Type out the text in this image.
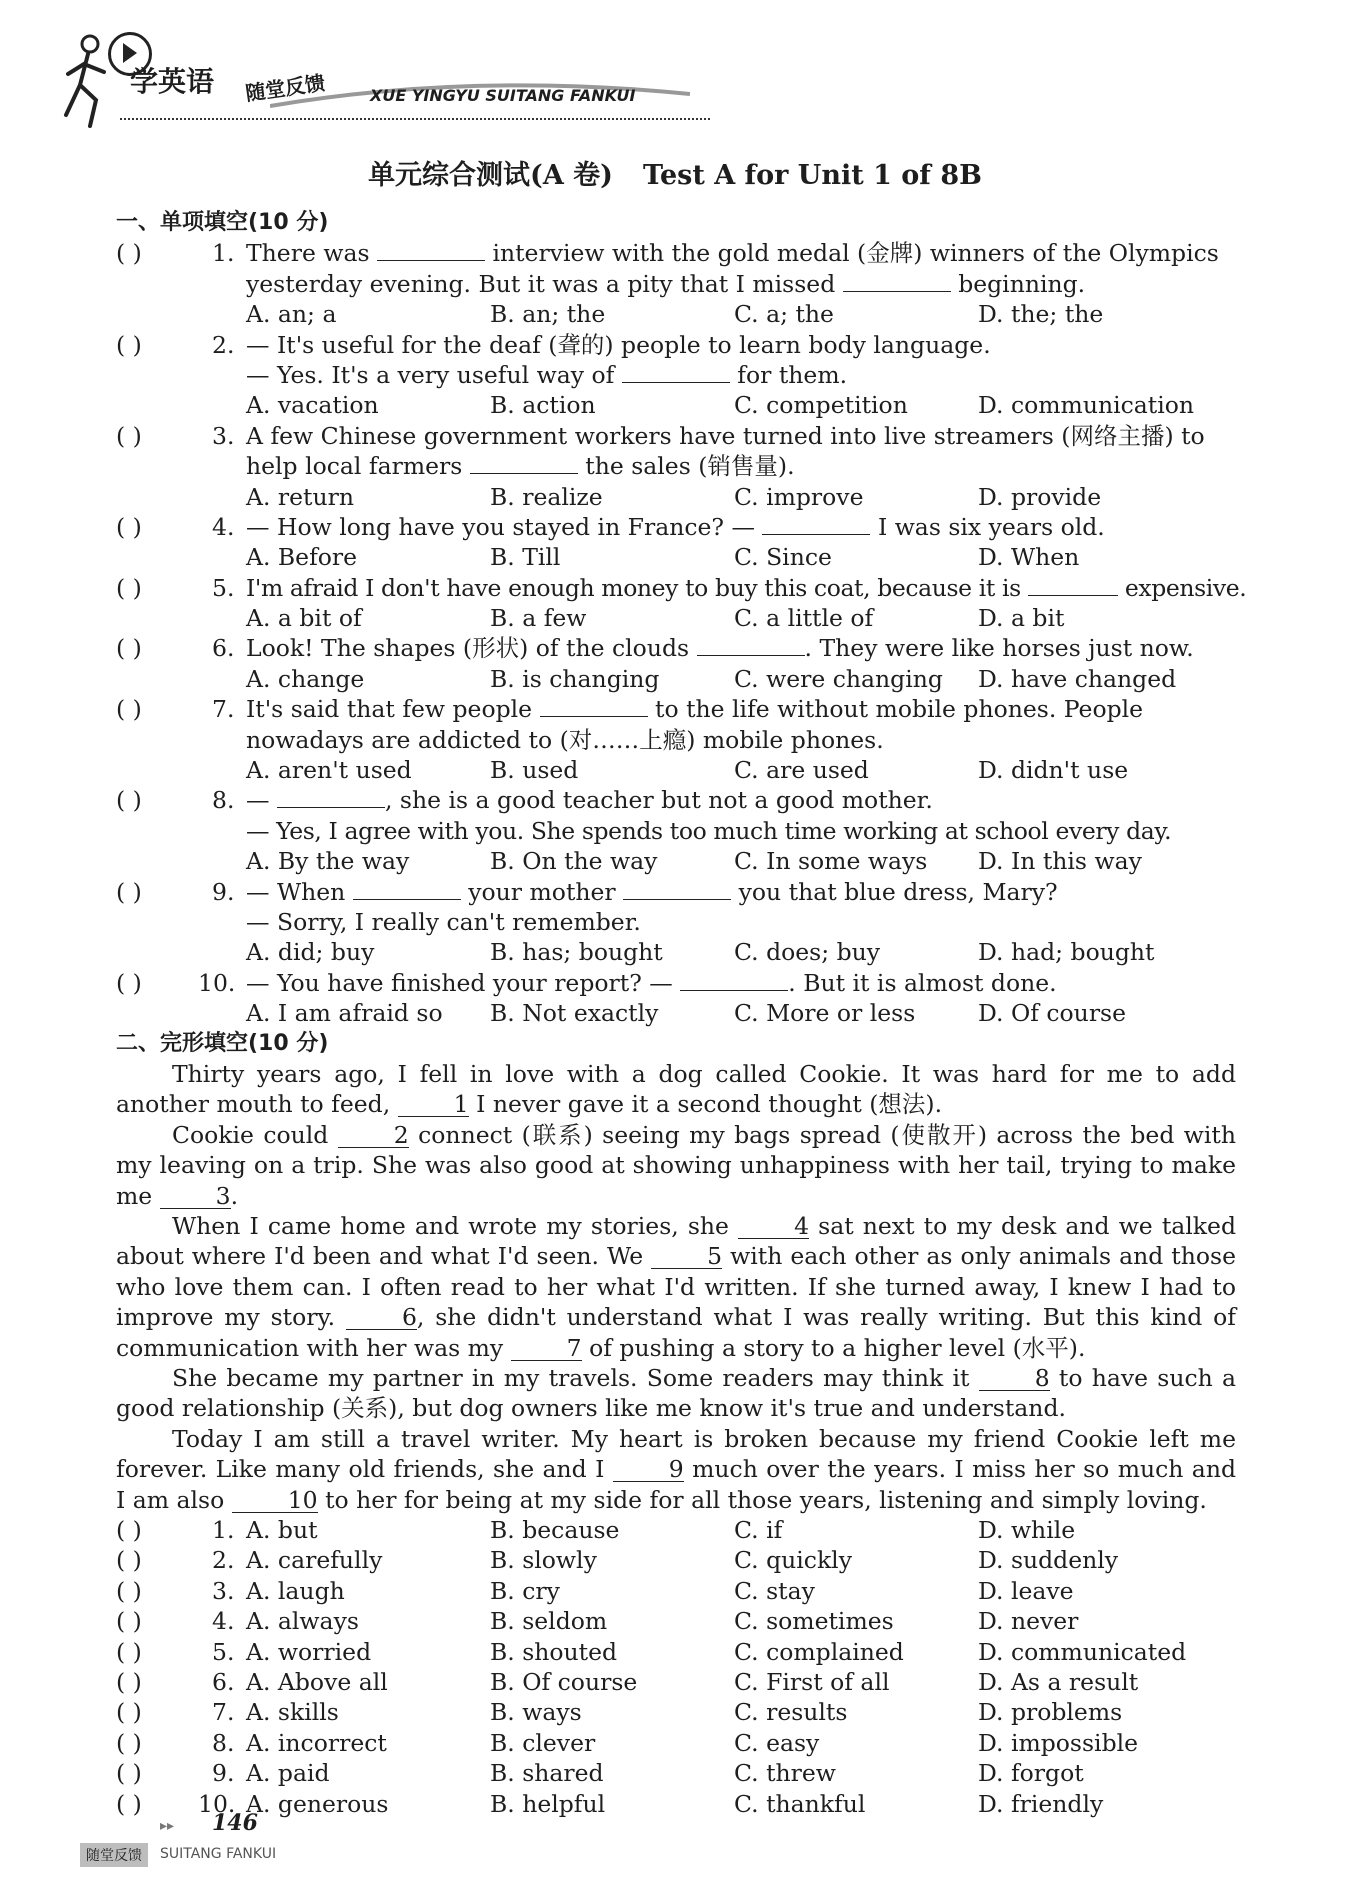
学英语 随堂反馈	XUE YINGYU SUITANG FANKUI
单元综合测试(A 卷) Test A for Unit 1 of 8B
一、单项填空(10 分)
( )	1. There was	interview with the gold medal (金牌) winners of the Olympics
yesterday evening. But it was a pity that I missed	beginning.
A. an; a	B. an; the	C. a; the	D. the; the
( )	2. — It's useful for the deaf (聋的) people to learn body language.
— Yes. It's a very useful way of	for them.
A. vacation	B. action	C. competition	D. communication
( )	3. A few Chinese government workers have turned into live streamers (网络主播) to
help local farmers	the sales (销售量).
A. return	B. realize	C. improve	D. provide
( )	4. — How long have you stayed in France? —	I was six years old.
A. Before	B. Till	C. Since	D. When
( )	5. I'm afraid I don't have enough money to buy this coat, because it is	expensive.
A. a bit of	B. a few	C. a little of	D. a bit
( )	6. Look! The shapes (形状) of the clouds	. They were like horses just now.
A. change	B. is changing	C. were changing D. have changed
( )	7. It's said that few people	to the life without mobile phones. People
nowadays are addicted to (对……上瘾) mobile phones.
A. aren't used	B. used	C. are used	D. didn't use
( )	8. —	, she is a good teacher but not a good mother.
— Yes, I agree with you. She spends too much time working at school every day.
A. By the way	B. On the way	C. In some ways D. In this way
( )	9. — When	your mother	you that blue dress, Mary?
— Sorry, I really can't remember.
A. did; buy	B. has; bought	C. does; buy	D. had; bought
( ) 10. — You have finished your report? —	. But it is almost done.
A. I am afraid so B. Not exactly	C. More or less	D. Of course
二、完形填空(10 分)
Thirty years ago, I fell in love with a dog called Cookie. It was hard for me to add another mouth to feed, 1 I never gave it a second thought (想法).
Cookie could 2 connect (联系) seeing my bags spread (使散开) across the bed with my leaving on a trip. She was also good at showing unhappiness with her tail, trying to make me 3.
When I came home and wrote my stories, she 4 sat next to my desk and we talked about where I'd been and what I'd seen. We 5 with each other as only animals and those who love them can. I often read to her what I'd written. If she turned away, I knew I had to improve my story. 6, she didn't understand what I was really writing. But this kind of communication with her was my 7 of pushing a story to a higher level (水平).
She became my partner in my travels. Some readers may think it 8 to have such a good relationship (关系), but dog owners like me know it's true and understand.
Today I am still a travel writer. My heart is broken because my friend Cookie left me forever. Like many old friends, she and I 9 much over the years. I miss her so much and I am also 10 to her for being at my side for all those years, listening and simply loving.
( )	1. A. but	B. because	C. if	D. while
( )	2. A. carefully	B. slowly	C. quickly	D. suddenly
( )	3. A. laugh	B. cry	C. stay	D. leave
( )	4. A. always	B. seldom	C. sometimes	D. never
( )	5. A. worried	B. shouted	C. complained	D. communicated
( )	6. A. Above all	B. Of course	C. First of all	D. As a result
( )	7. A. skills	B. ways	C. results	D. problems
( )	8. A. incorrect	B. clever	C. easy	D. impossible
( )	9. A. paid	B. shared	C. threw	D. forgot
( ) 10. A. generous	B. helpful	C. thankful	D. friendly
▸▸ 146
随堂反馈	SUITANG FANKUI
